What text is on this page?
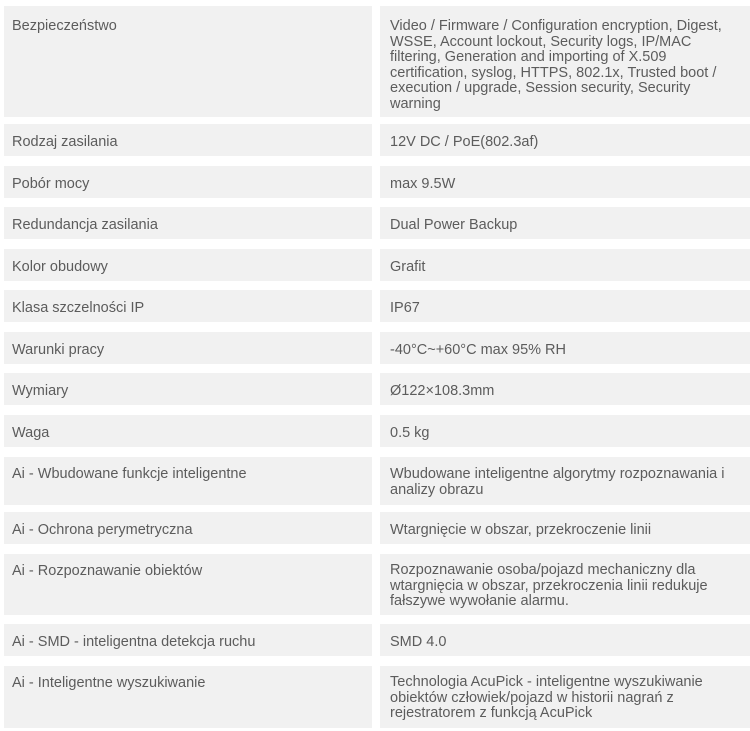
Bezpieczeństwo	Video / Firmware / Configuration encryption, Digest, WSSE, Account lockout, Security logs, IP/MAC filtering, Generation and importing of X.509 certification, syslog, HTTPS, 802.1x, Trusted boot / execution / upgrade, Session security, Security warning
Rodzaj zasilania	12V DC / PoE(802.3af)
Pobór mocy	max 9.5W
Redundancja zasilania	Dual Power Backup
Kolor obudowy	Grafit
Klasa szczelności IP	IP67
Warunki pracy	-40°C~+60°C max 95% RH
Wymiary	Ø122×108.3mm
Waga	0.5 kg
Ai - Wbudowane funkcje inteligentne	Wbudowane inteligentne algorytmy rozpoznawania i analizy obrazu
Ai - Ochrona perymetryczna	Wtargnięcie w obszar, przekroczenie linii
Ai - Rozpoznawanie obiektów	Rozpoznawanie osoba/pojazd mechaniczny dla wtargnięcia w obszar, przekroczenia linii redukuje fałszywe wywołanie alarmu.
Ai - SMD - inteligentna detekcja ruchu	SMD 4.0
Ai - Inteligentne wyszukiwanie	Technologia AcuPick - inteligentne wyszukiwanie obiektów człowiek/pojazd w historii nagrań z rejestratorem z funkcją AcuPick
